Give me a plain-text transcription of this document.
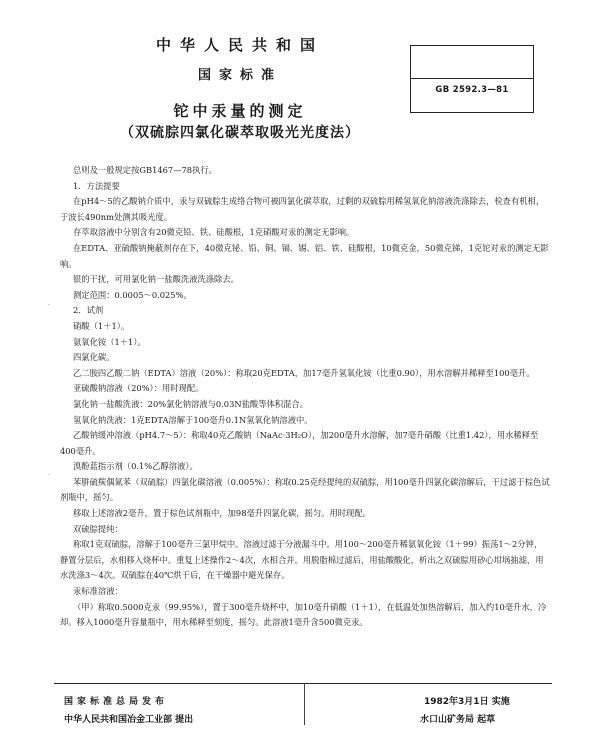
中华人民共和国
国家标准
GB 2592.3—81
铊中汞量的测定
（双硫腙四氯化碳萃取吸光光度法）
总则及一般规定按GB1467—78执行。
1．方法提要
在pH4～5的乙酸钠介质中，汞与双硫腙生成络合物可被四氯化碳萃取，过剩的双硫腙用稀氢氧化钠溶液洗涤除去，检查有机相，于波长490nm处测其吸光度。
存萃取溶液中分别含有20微克铅、铁、硅酸根，1克硝酸对汞的测定无影响。
在EDTA、亚硫酸钠掩蔽剂存在下，40微克铋、铅、铜、镉、锡、铝、铁、硅酸根，10微克金，50微克锑，1克铊对汞的测定无影响。
银的干扰，可用氯化钠一盐酸洗液洗涤除去。
测定范围：0.0005～0.025%。
2．试剂
硝酸（1＋1）。
氨氧化铵（1＋1）。
四氯化碳。
乙二胺四乙酸二钠（EDTA）溶液（20%）：称取20克EDTA，加17毫升氢氧化铵（比重0.90），用水溶解并稀释至100毫升。
亚硫酸钠溶液（20%）：用时现配。
氯化钠一盐酸洗液：20%氯化钠溶液与0.03N盐酸等体积混合。
氢氧化钠洗液：1克EDTA溶解于100毫升0.1N氢氧化钠溶液中。
乙酸钠缓冲溶液（pH4.7～5）：称取40克乙酸钠（NaAc·3H₂O），加200毫升水溶解，加7毫升硝酸（比重1.42），用水稀释至400毫升。
溴酚蓝指示剂（0.1%乙醇溶液）。
苯胼硫羰偶氮苯（双硫腙）四氯化碳溶液（0.005%）：称取0.25克经提纯的双硫腙，用100毫升四氯化碳溶解后，干过滤于棕色试剂瓶中，摇匀。
移取上述溶液2毫升，置于棕色试剂瓶中，加98毫升四氯化碳，摇匀。用时现配。
双硫腙提纯：
称取1克双硫腙，溶解于100毫升三氯甲烷中。溶液过滤于分液漏斗中。用100～200毫升稀氨氧化铵（1＋99）振荡1～2分钟，静置分层后，水相移入烧杯中。重复上述操作2～4次，水相合并。用脱脂棉过滤后，用盐酸酸化，析出之双硫腙用砂心坩埚抽滤，用水洗涤3～4次。双硫腙在40℃烘干后，在干燥器中避光保存。
汞标准溶液：
（甲）称取0.5000克汞（99.95%），置于300毫升烧杯中，加10毫升硝酸（1＋1），在低温处加热溶解后，加入约10毫升水，冷却。移入1000毫升容量瓶中，用水稀释至刻度，摇匀。此溶液1毫升含500微克汞。
.
.
国家标准总局发布
中华人民共和国冶金工业部 提出
1982年3月1日 实施
水口山矿务局 起草
